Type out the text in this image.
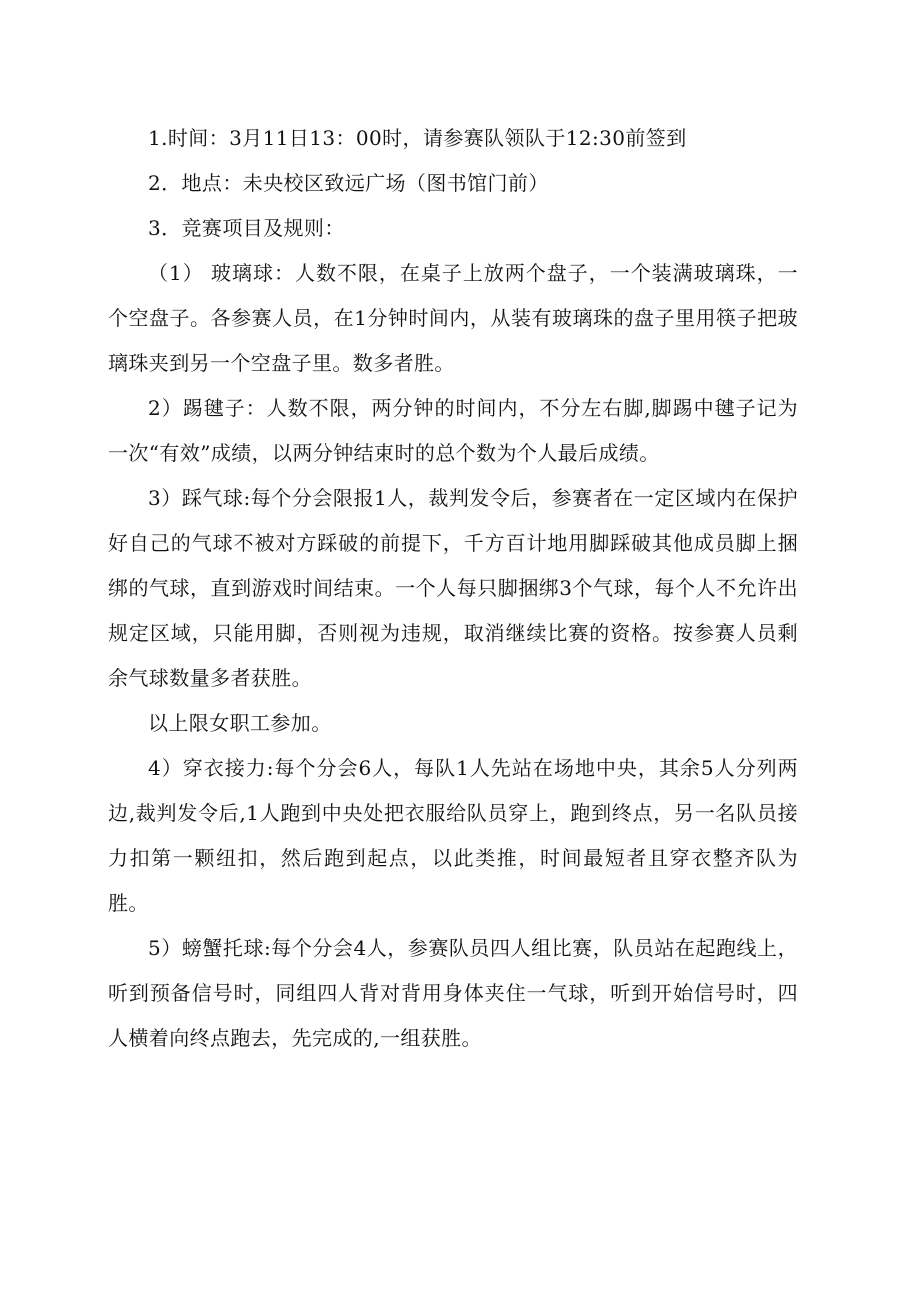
1.时间：3月11日13：00时，请参赛队领队于12:30前签到

2．地点：未央校区致远广场（图书馆门前）

3．竞赛项目及规则：

（1） 玻璃球：人数不限，在桌子上放两个盘子，一个装满玻璃珠，一个空盘子。各参赛人员，在1分钟时间内，从装有玻璃珠的盘子里用筷子把玻璃珠夹到另一个空盘子里。数多者胜。

2）踢毽子：人数不限，两分钟的时间内，不分左右脚,脚踢中毽子记为一次“有效”成绩，以两分钟结束时的总个数为个人最后成绩。

3）踩气球:每个分会限报1人，裁判发令后，参赛者在一定区域内在保护好自己的气球不被对方踩破的前提下，千方百计地用脚踩破其他成员脚上捆绑的气球，直到游戏时间结束。一个人每只脚捆绑3个气球，每个人不允许出规定区域，只能用脚，否则视为违规，取消继续比赛的资格。按参赛人员剩余气球数量多者获胜。

以上限女职工参加。

4）穿衣接力:每个分会6人，每队1人先站在场地中央，其余5人分列两边,裁判发令后,1人跑到中央处把衣服给队员穿上，跑到终点，另一名队员接力扣第一颗纽扣，然后跑到起点，以此类推，时间最短者且穿衣整齐队为胜。

5）螃蟹托球:每个分会4人，参赛队员四人组比赛，队员站在起跑线上，听到预备信号时，同组四人背对背用身体夹住一气球，听到开始信号时，四人横着向终点跑去，先完成的,一组获胜。
